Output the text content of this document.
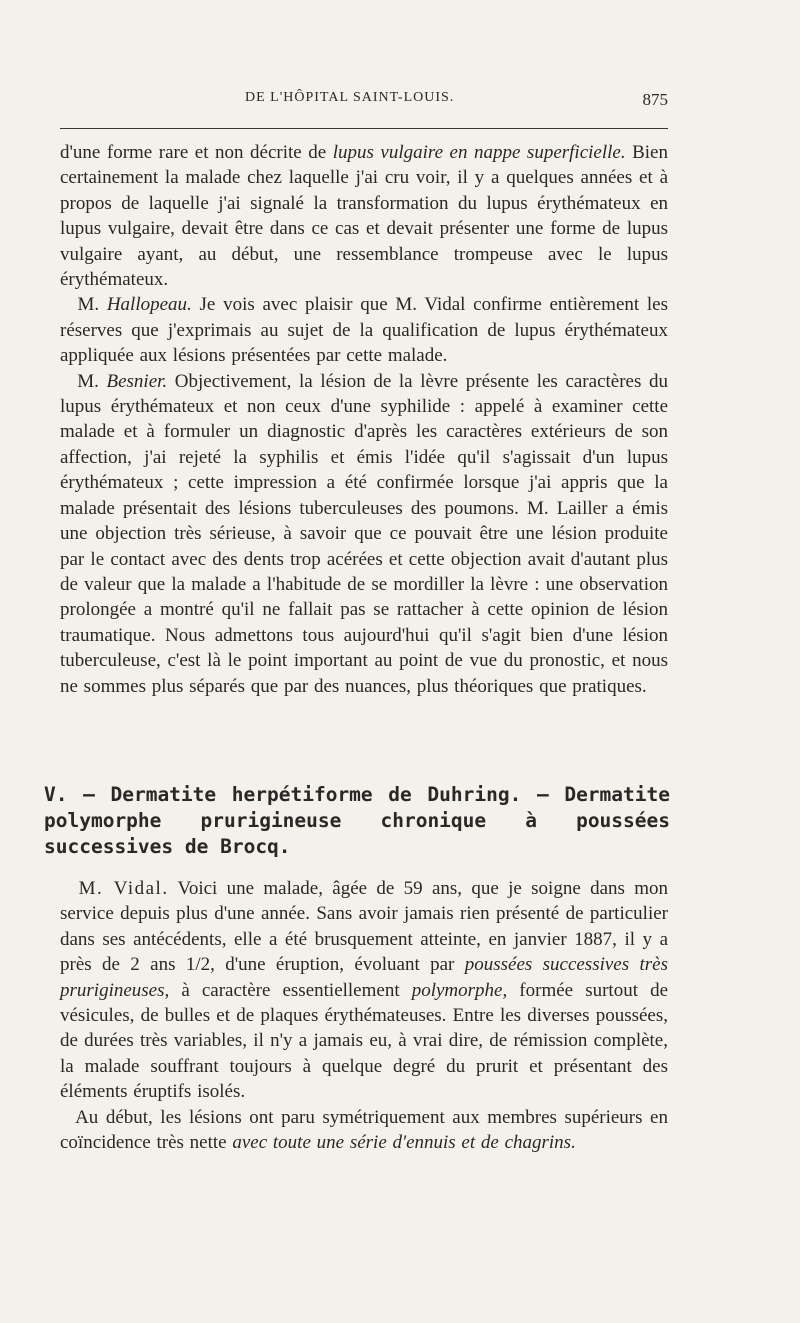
DE L'HÔPITAL SAINT-LOUIS.	875

d'une forme rare et non décrite de lupus vulgaire en nappe superficielle. Bien certainement la malade chez laquelle j'ai cru voir, il y a quelques années et à propos de laquelle j'ai signalé la transformation du lupus érythémateux en lupus vulgaire, devait être dans ce cas et devait présenter une forme de lupus vulgaire ayant, au début, une ressemblance trompeuse avec le lupus érythémateux.

M. Hallopeau. Je vois avec plaisir que M. Vidal confirme entièrement les réserves que j'exprimais au sujet de la qualification de lupus érythémateux appliquée aux lésions présentées par cette malade.

M. Besnier. Objectivement, la lésion de la lèvre présente les caractères du lupus érythémateux et non ceux d'une syphilide : appelé à examiner cette malade et à formuler un diagnostic d'après les caractères extérieurs de son affection, j'ai rejeté la syphilis et émis l'idée qu'il s'agissait d'un lupus érythémateux ; cette impression a été confirmée lorsque j'ai appris que la malade présentait des lésions tuberculeuses des poumons. M. Lailler a émis une objection très sérieuse, à savoir que ce pouvait être une lésion produite par le contact avec des dents trop acérées et cette objection avait d'autant plus de valeur que la malade a l'habitude de se mordiller la lèvre : une observation prolongée a montré qu'il ne fallait pas se rattacher à cette opinion de lésion traumatique. Nous admettons tous aujourd'hui qu'il s'agit bien d'une lésion tuberculeuse, c'est là le point important au point de vue du pronostic, et nous ne sommes plus séparés que par des nuances, plus théoriques que pratiques.

V. — Dermatite herpétiforme de Duhring. — Dermatite polymorphe prurigineuse chronique à poussées successives de Brocq.

M. Vidal. Voici une malade, âgée de 59 ans, que je soigne dans mon service depuis plus d'une année. Sans avoir jamais rien présenté de particulier dans ses antécédents, elle a été brusquement atteinte, en janvier 1887, il y a près de 2 ans 1/2, d'une éruption, évoluant par poussées successives très prurigineuses, à caractère essentiellement polymorphe, formée surtout de vésicules, de bulles et de plaques érythémateuses. Entre les diverses poussées, de durées très variables, il n'y a jamais eu, à vrai dire, de rémission complète, la malade souffrant toujours à quelque degré du prurit et présentant des éléments éruptifs isolés.

Au début, les lésions ont paru symétriquement aux membres supérieurs en coïncidence très nette avec toute une série d'ennuis et de chagrins.
